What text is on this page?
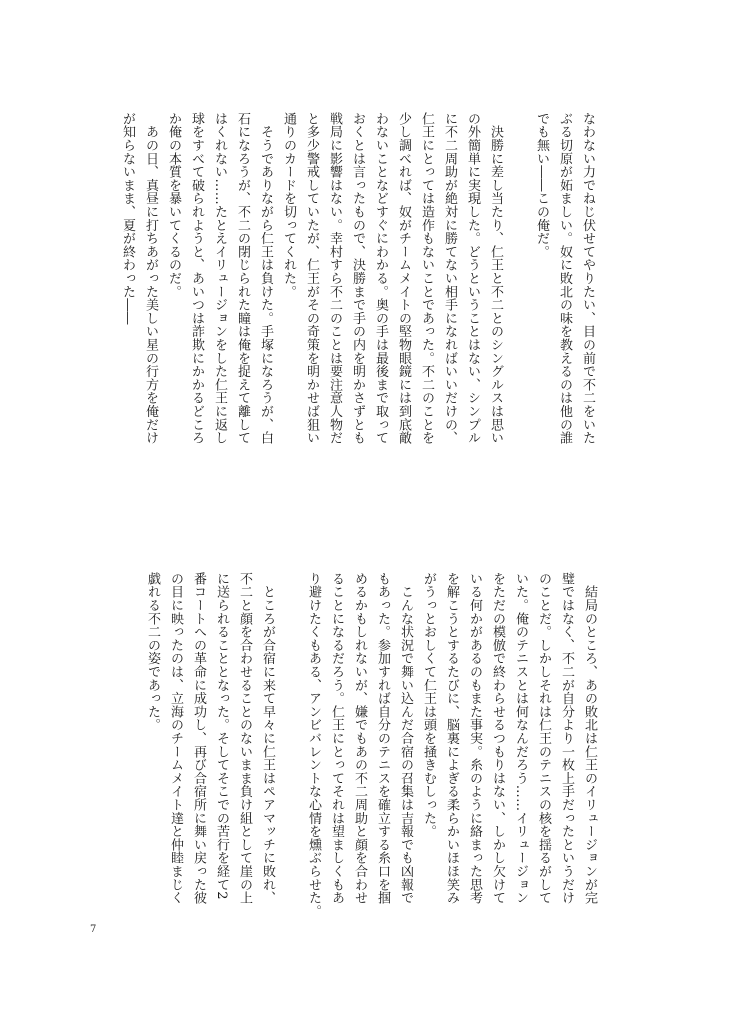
なわない力でねじ伏せてやりたい、目の前で不二をいた
ぶる切原が妬ましい。奴に敗北の味を教えるのは他の誰
でも無い――この俺だ。
　決勝に差し当たり、仁王と不二とのシングルスは思い
の外簡単に実現した。どうということはない、シンプル
に不二周助が絶対に勝てない相手になればいいだけの、
仁王にとっては造作もないことであった。不二のことを
少し調べれば、奴がチームメイトの堅物眼鏡には到底敵
わないことなどすぐにわかる。奥の手は最後まで取って
おくとは言ったもので、決勝まで手の内を明かさずとも
戦局に影響はない。幸村すら不二のことは要注意人物だ
と多少警戒していたが、仁王がその奇策を明かせば狙い
通りのカードを切ってくれた。
　そうでありながら仁王は負けた。手塚になろうが、白
石になろうが、不二の閉じられた瞳は俺を捉えて離して
はくれない……たとえイリュージョンをした仁王に返し
球をすべて破られようと、あいつは詐欺にかかるどころ
か俺の本質を暴いてくるのだ。
　あの日、真昼に打ちあがった美しい星の行方を俺だけ
が知らないまま、夏が終わった――
　結局のところ、あの敗北は仁王のイリュージョンが完
璧ではなく、不二が自分より一枚上手だったというだけ
のことだ。しかしそれは仁王のテニスの核を揺るがして
いた。俺のテニスとは何なんだろう……イリュージョン
をただの模倣で終わらせるつもりはない、しかし欠けて
いる何かがあるのもまた事実。糸のように絡まった思考
を解こうとするたびに、脳裏によぎる柔らかいほほ笑み
がうっとおしくて仁王は頭を掻きむしった。
　こんな状況で舞い込んだ合宿の召集は吉報でも凶報で
もあった。参加すれば自分のテニスを確立する糸口を掴
めるかもしれないが、嫌でもあの不二周助と顔を合わせ
ることになるだろう。仁王にとってそれは望ましくもあ
り避けたくもある、アンビバレントな心情を燻ぶらせた。
　ところが合宿に来て早々に仁王はペアマッチに敗れ、
不二と顔を合わせることのないまま負け組として崖の上
に送られることとなった。そしてそこでの苦行を経て2
番コートへの革命に成功し、再び合宿所に舞い戻った彼
の目に映ったのは、立海のチームメイト達と仲睦まじく
戯れる不二の姿であった。
7
